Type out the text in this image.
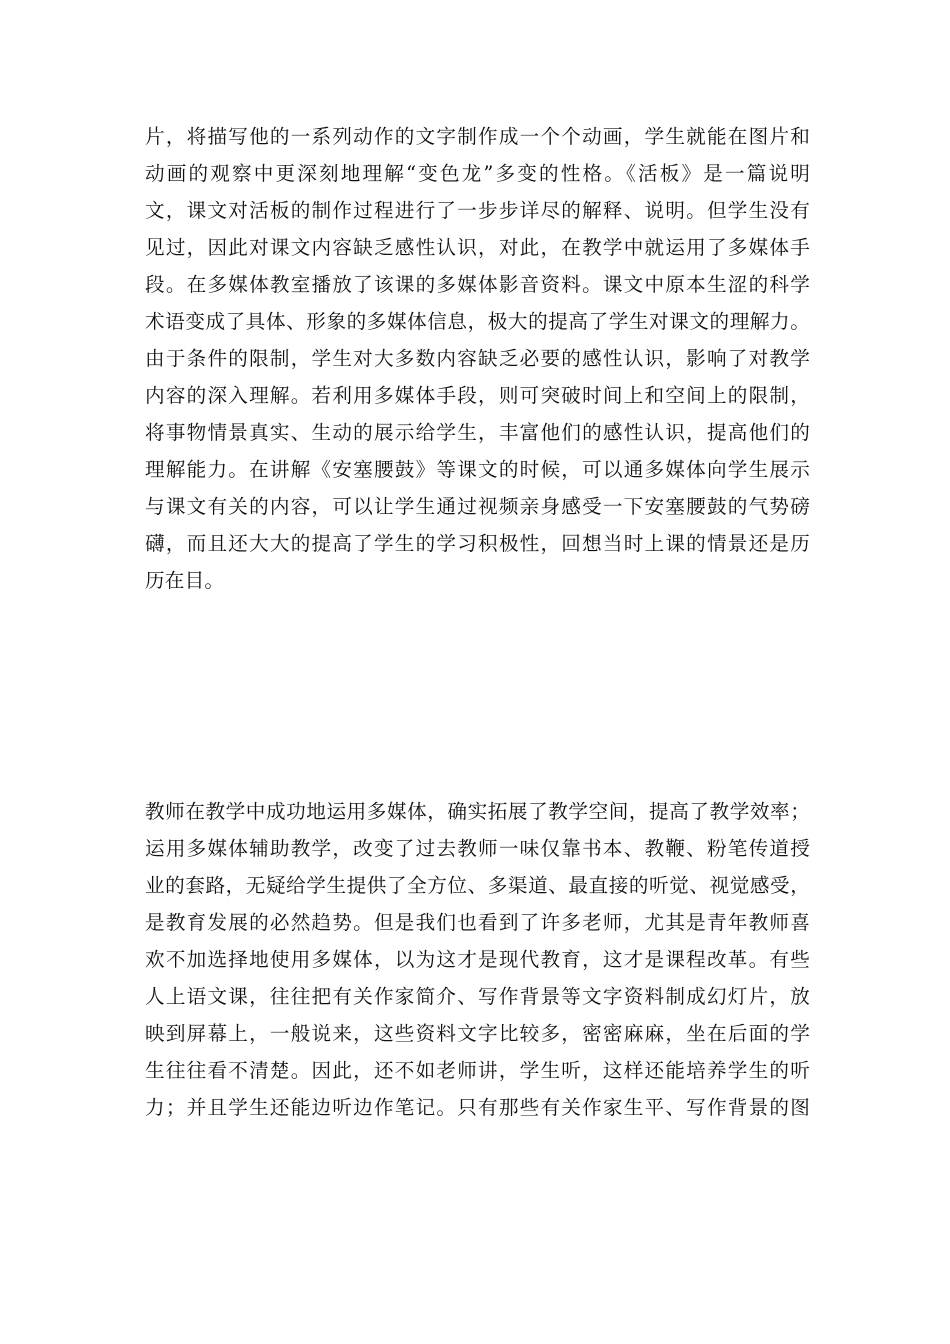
片，将描写他的一系列动作的文字制作成一个个动画，学生就能在图片和
动画的观察中更深刻地理解“变色龙”多变的性格。《活板》是一篇说明
文，课文对活板的制作过程进行了一步步详尽的解释、说明。但学生没有
见过，因此对课文内容缺乏感性认识，对此，在教学中就运用了多媒体手
段。在多媒体教室播放了该课的多媒体影音资料。课文中原本生涩的科学
术语变成了具体、形象的多媒体信息，极大的提高了学生对课文的理解力。
由于条件的限制，学生对大多数内容缺乏必要的感性认识，影响了对教学
内容的深入理解。若利用多媒体手段，则可突破时间上和空间上的限制，
将事物情景真实、生动的展示给学生，丰富他们的感性认识，提高他们的
理解能力。在讲解《安塞腰鼓》等课文的时候，可以通多媒体向学生展示
与课文有关的内容，可以让学生通过视频亲身感受一下安塞腰鼓的气势磅
礴，而且还大大的提高了学生的学习积极性，回想当时上课的情景还是历
历在目。
教师在教学中成功地运用多媒体，确实拓展了教学空间，提高了教学效率；
运用多媒体辅助教学，改变了过去教师一味仅靠书本、教鞭、粉笔传道授
业的套路，无疑给学生提供了全方位、多渠道、最直接的听觉、视觉感受，
是教育发展的必然趋势。但是我们也看到了许多老师，尤其是青年教师喜
欢不加选择地使用多媒体，以为这才是现代教育，这才是课程改革。有些
人上语文课，往往把有关作家简介、写作背景等文字资料制成幻灯片，放
映到屏幕上，一般说来，这些资料文字比较多，密密麻麻，坐在后面的学
生往往看不清楚。因此，还不如老师讲，学生听，这样还能培养学生的听
力；并且学生还能边听边作笔记。只有那些有关作家生平、写作背景的图
